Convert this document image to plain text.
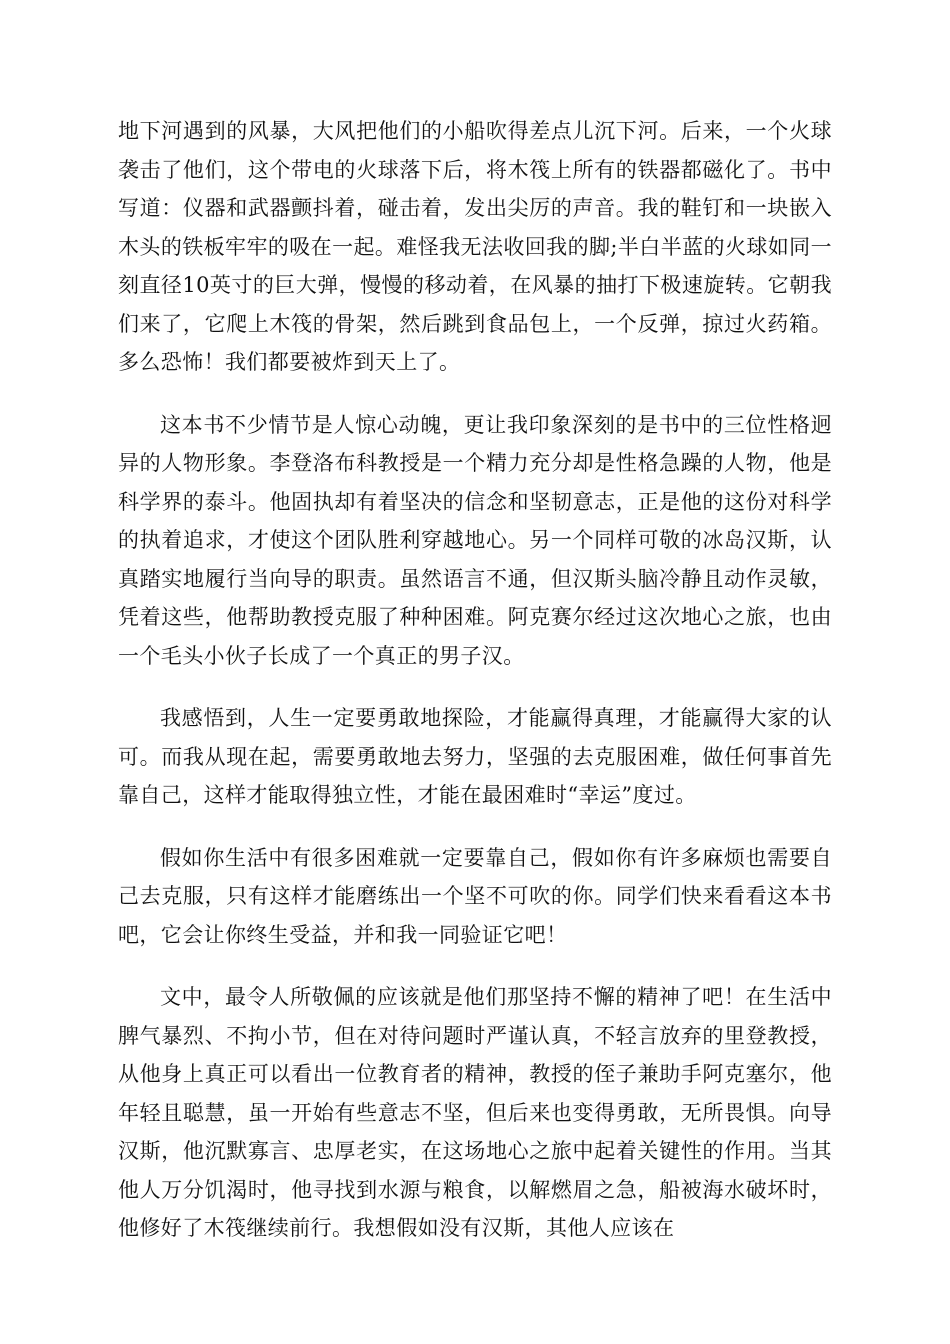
地下河遇到的风暴，大风把他们的小船吹得差点儿沉下河。后来，一个火球袭击了他们，这个带电的火球落下后，将木筏上所有的铁器都磁化了。书中写道：仪器和武器颤抖着，碰击着，发出尖厉的声音。我的鞋钉和一块嵌入木头的铁板牢牢的吸在一起。难怪我无法收回我的脚;半白半蓝的火球如同一刻直径10英寸的巨大弹，慢慢的移动着，在风暴的抽打下极速旋转。它朝我们来了，它爬上木筏的骨架，然后跳到食品包上，一个反弹，掠过火药箱。多么恐怖！我们都要被炸到天上了。

这本书不少情节是人惊心动魄，更让我印象深刻的是书中的三位性格迥异的人物形象。李登洛布科教授是一个精力充分却是性格急躁的人物，他是科学界的泰斗。他固执却有着坚决的信念和坚韧意志，正是他的这份对科学的执着追求，才使这个团队胜利穿越地心。另一个同样可敬的冰岛汉斯，认真踏实地履行当向导的职责。虽然语言不通，但汉斯头脑冷静且动作灵敏，凭着这些，他帮助教授克服了种种困难。阿克赛尔经过这次地心之旅，也由一个毛头小伙子长成了一个真正的男子汉。

我感悟到，人生一定要勇敢地探险，才能赢得真理，才能赢得大家的认可。而我从现在起，需要勇敢地去努力，坚强的去克服困难，做任何事首先靠自己，这样才能取得独立性，才能在最困难时“幸运”度过。

假如你生活中有很多困难就一定要靠自己，假如你有许多麻烦也需要自己去克服，只有这样才能磨练出一个坚不可吹的你。同学们快来看看这本书吧，它会让你终生受益，并和我一同验证它吧！

文中，最令人所敬佩的应该就是他们那坚持不懈的精神了吧！在生活中脾气暴烈、不拘小节，但在对待问题时严谨认真，不轻言放弃的里登教授，从他身上真正可以看出一位教育者的精神，教授的侄子兼助手阿克塞尔，他年轻且聪慧，虽一开始有些意志不坚，但后来也变得勇敢，无所畏惧。向导汉斯，他沉默寡言、忠厚老实，在这场地心之旅中起着关键性的作用。当其他人万分饥渴时，他寻找到水源与粮食，以解燃眉之急，船被海水破坏时，他修好了木筏继续前行。我想假如没有汉斯，其他人应该在
